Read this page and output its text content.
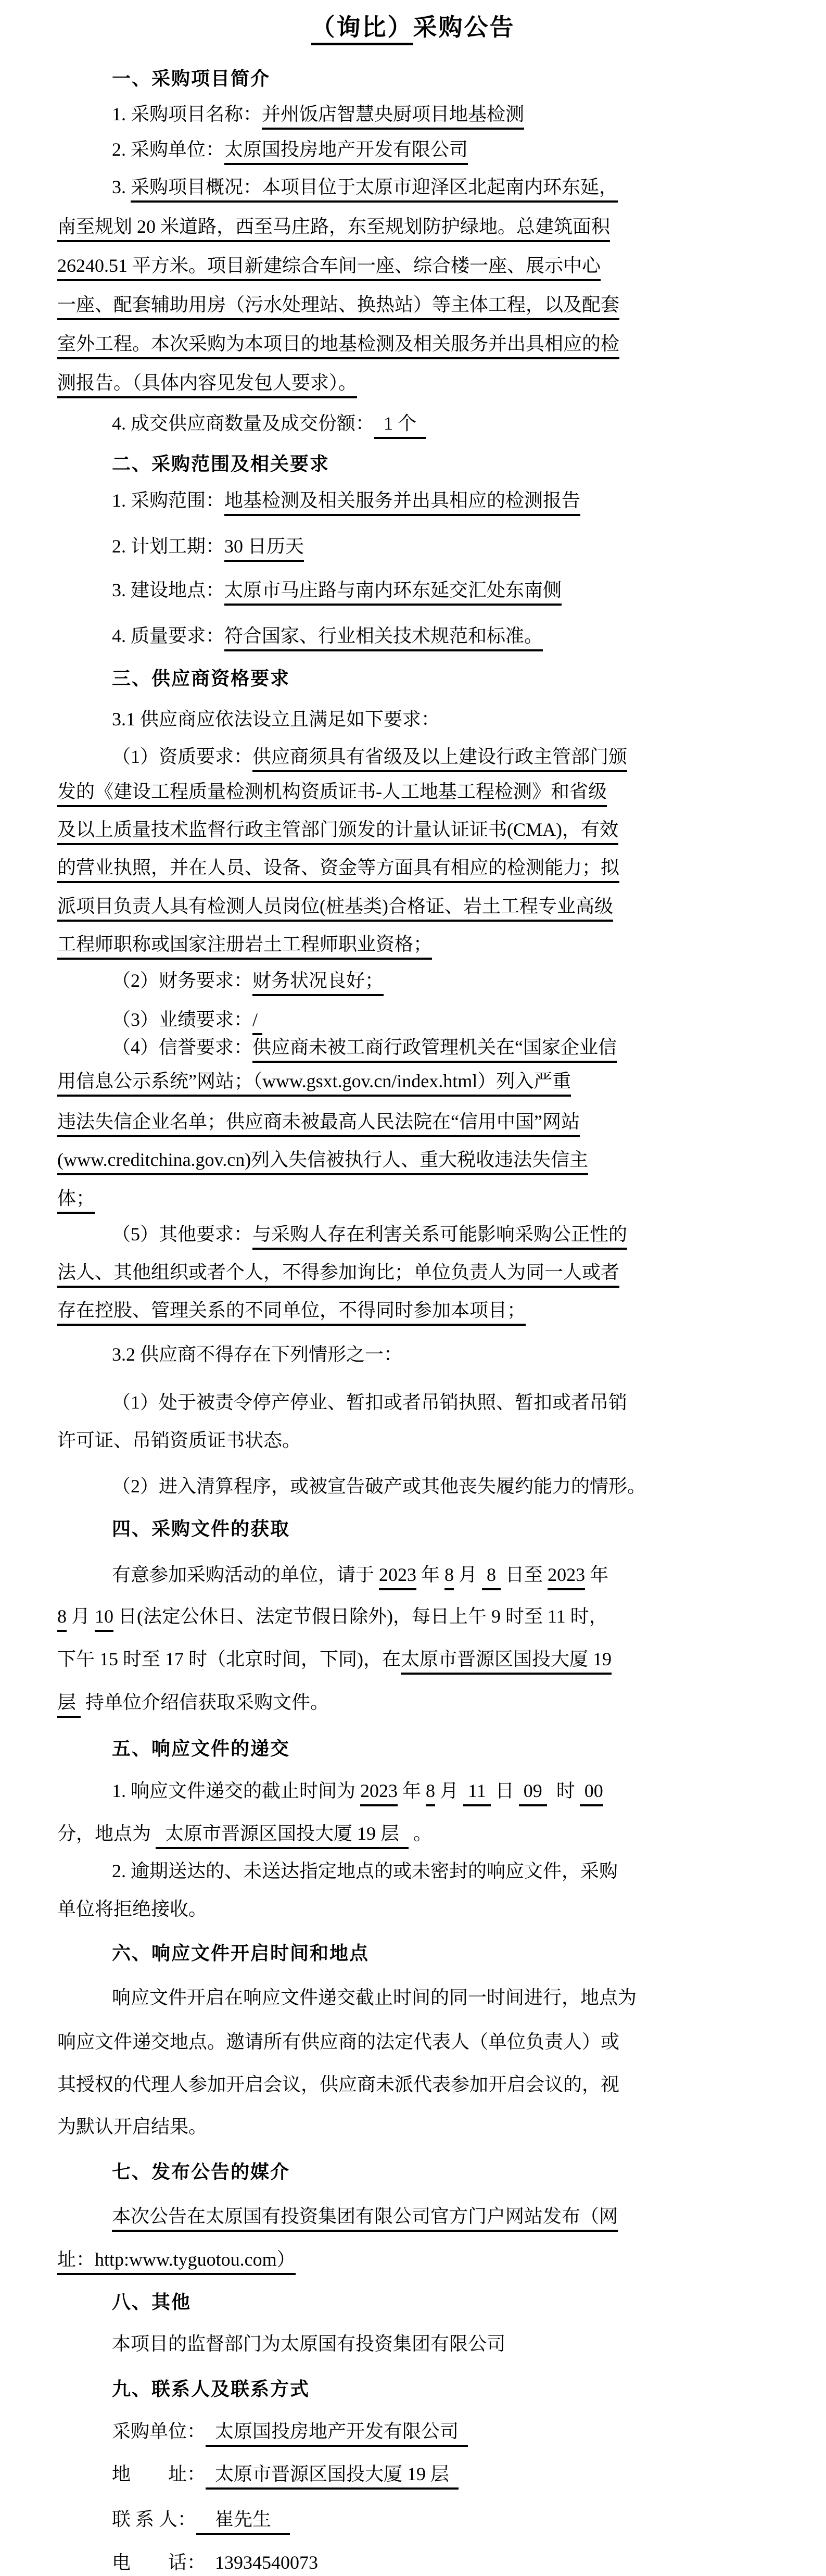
（询比）采购公告
一、采购项目简介
1. 采购项目名称：并州饭店智慧央厨项目地基检测
2. 采购单位：太原国投房地产开发有限公司
3. 采购项目概况：本项目位于太原市迎泽区北起南内环东延，
南至规划 20 米道路，西至马庄路，东至规划防护绿地。总建筑面积
26240.51 平方米。项目新建综合车间一座、综合楼一座、展示中心
一座、配套辅助用房（污水处理站、换热站）等主体工程，以及配套
室外工程。本次采购为本项目的地基检测及相关服务并出具相应的检
测报告。（具体内容见发包人要求）。
4. 成交供应商数量及成交份额：  1 个
二、采购范围及相关要求
1. 采购范围：地基检测及相关服务并出具相应的检测报告
2. 计划工期：30 日历天
3. 建设地点：太原市马庄路与南内环东延交汇处东南侧
4. 质量要求：符合国家、行业相关技术规范和标准。
三、供应商资格要求
3.1 供应商应依法设立且满足如下要求：
（1）资质要求：供应商须具有省级及以上建设行政主管部门颁
发的《建设工程质量检测机构资质证书-人工地基工程检测》和省级
及以上质量技术监督行政主管部门颁发的计量认证证书(CMA)，有效
的营业执照，并在人员、设备、资金等方面具有相应的检测能力；拟
派项目负责人具有检测人员岗位(桩基类)合格证、岩土工程专业高级
工程师职称或国家注册岩土工程师职业资格；
（2）财务要求：财务状况良好；
（3）业绩要求：/
（4）信誉要求：供应商未被工商行政管理机关在“国家企业信
用信息公示系统”网站；（www.gsxt.gov.cn/index.html）列入严重
违法失信企业名单；供应商未被最高人民法院在“信用中国”网站
(www.creditchina.gov.cn)列入失信被执行人、重大税收违法失信主
体；
（5）其他要求：与采购人存在利害关系可能影响采购公正性的
法人、其他组织或者个人，不得参加询比；单位负责人为同一人或者
存在控股、管理关系的不同单位，不得同时参加本项目；
3.2 供应商不得存在下列情形之一：
（1）处于被责令停产停业、暂扣或者吊销执照、暂扣或者吊销
许可证、吊销资质证书状态。
（2）进入清算程序，或被宣告破产或其他丧失履约能力的情形。
四、采购文件的获取
有意参加采购活动的单位，请于 2023 年 8 月  8  日至 2023 年
8 月 10 日(法定公休日、法定节假日除外)，每日上午 9 时至 11 时，
下午 15 时至 17 时（北京时间，下同)，在太原市晋源区国投大厦 19
层  持单位介绍信获取采购文件。
五、响应文件的递交
1. 响应文件递交的截止时间为 2023 年 8 月  11  日  09   时  00
分，地点为   太原市晋源区国投大厦 19 层   。
2. 逾期送达的、未送达指定地点的或未密封的响应文件，采购
单位将拒绝接收。
六、响应文件开启时间和地点
响应文件开启在响应文件递交截止时间的同一时间进行，地点为
响应文件递交地点。邀请所有供应商的法定代表人（单位负责人）或
其授权的代理人参加开启会议，供应商未派代表参加开启会议的，视
为默认开启结果。
七、发布公告的媒介
本次公告在太原国有投资集团有限公司官方门户网站发布（网
址：http:www.tyguotou.com）
八、其他
本项目的监督部门为太原国有投资集团有限公司
九、联系人及联系方式
采购单位：  太原国投房地产开发有限公司
地　　址：  太原市晋源区国投大厦 19 层
联 系 人：    崔先生
电　　话：  13934540073
